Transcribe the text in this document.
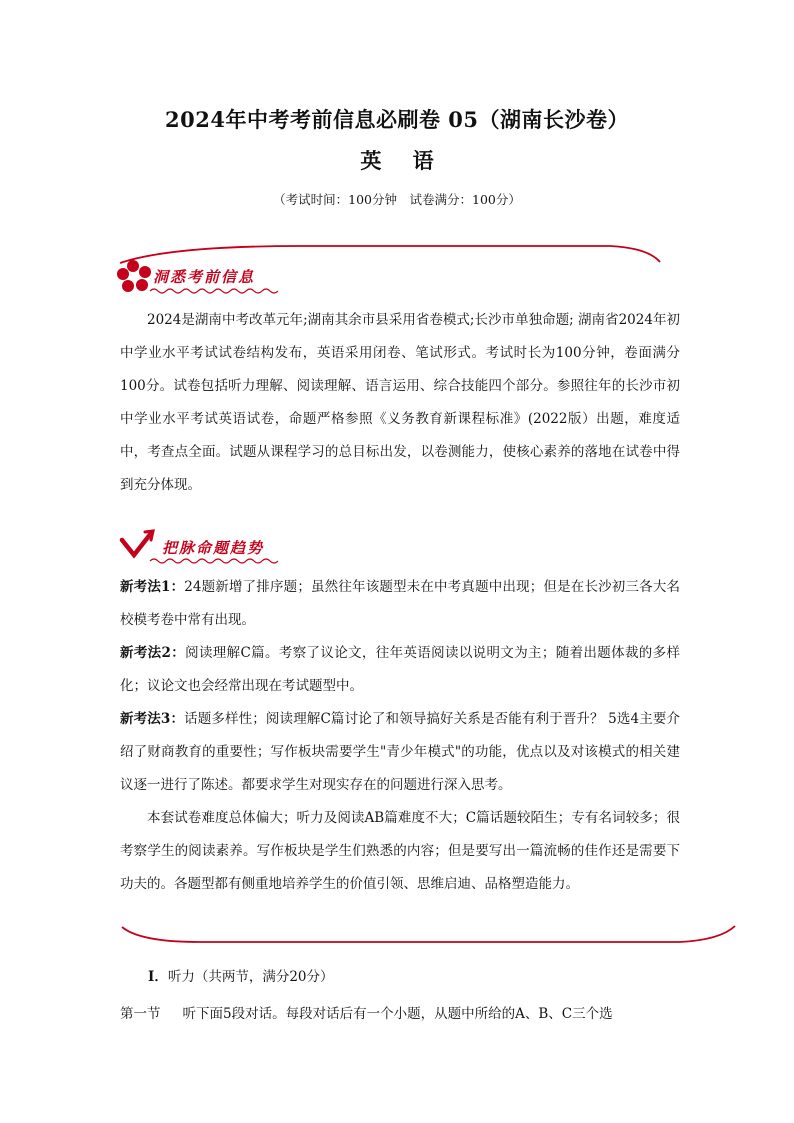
2024年中考考前信息必刷卷 05（湖南长沙卷）
英 语
（考试时间：100分钟　试卷满分：100分）
洞悉考前信息
2024是湖南中考改革元年;湖南其余市县采用省卷模式;长沙市单独命题; 湖南省2024年初中学业水平考试试卷结构发布，英语采用闭卷、笔试形式。考试时长为100分钟，卷面满分100分。试卷包括听力理解、阅读理解、语言运用、综合技能四个部分。参照往年的长沙市初中学业水平考试英语试卷，命题严格参照《义务教育新课程标准》(2022版）出题，难度适中，考查点全面。试题从课程学习的总目标出发，以卷测能力，使核心素养的落地在试卷中得到充分体现。
把脉命题趋势
新考法1：24题新增了排序题；虽然往年该题型未在中考真题中出现；但是在长沙初三各大名校模考卷中常有出现。
新考法2：阅读理解C篇。考察了议论文，往年英语阅读以说明文为主；随着出题体裁的多样化；议论文也会经常出现在考试题型中。
新考法3：话题多样性；阅读理解C篇讨论了和领导搞好关系是否能有利于晋升？ 5选4主要介绍了财商教育的重要性；写作板块需要学生"青少年模式"的功能，优点以及对该模式的相关建议逐一进行了陈述。都要求学生对现实存在的问题进行深入思考。
本套试卷难度总体偏大；听力及阅读AB篇难度不大；C篇话题较陌生；专有名词较多；很考察学生的阅读素养。写作板块是学生们熟悉的内容；但是要写出一篇流畅的佳作还是需要下功夫的。各题型都有侧重地培养学生的价值引领、思维启迪、品格塑造能力。
I．听力（共两节，满分20分）
第一节 听下面5段对话。每段对话后有一个小题，从题中所给的A、B、C三个选
